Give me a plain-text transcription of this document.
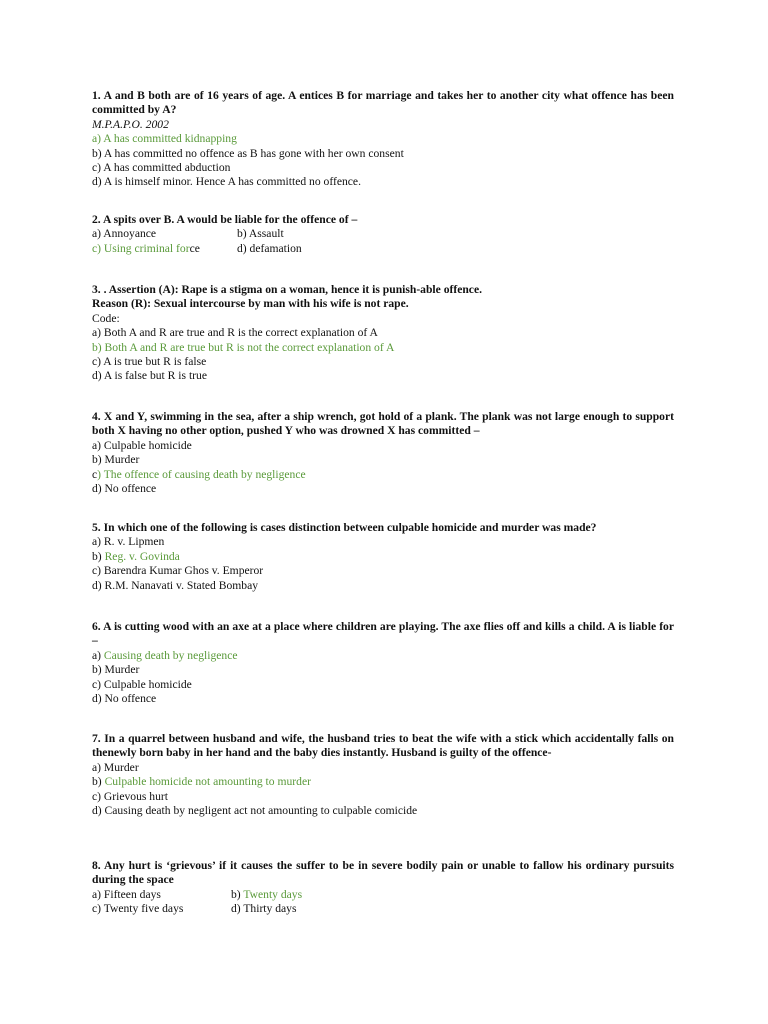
1. A and B both are of 16 years of age. A entices B for marriage and takes her to another city what offence has been committed by A?
M.P.A.P.O. 2002
a) A has committed kidnapping
b) A has committed no offence as B has gone with her own consent
c) A has committed abduction
d) A is himself minor. Hence A has committed no offence.
2. A spits over B. A would be liable for the offence of –
a) Annoyance	b) Assault
c) Using criminal force	d) defamation
3. . Assertion (A): Rape is a stigma on a woman, hence it is punish-able offence.
Reason (R): Sexual intercourse by man with his wife is not rape.
Code:
a) Both A and R are true and R is the correct explanation of A
b) Both A and R are true but R is not the correct explanation of A
c) A is true but R is false
d) A is false but R is true
4. X and Y, swimming in the sea, after a ship wrench, got hold of a plank. The plank was not large enough to support both X having no other option, pushed Y who was drowned X has committed –
a) Culpable homicide
b) Murder
c) The offence of causing death by negligence
d) No offence
5. In which one of the following is cases distinction between culpable homicide and murder was made?
a) R. v. Lipmen
b) Reg. v. Govinda
c) Barendra Kumar Ghos v. Emperor
d) R.M. Nanavati v. Stated Bombay
6. A is cutting wood with an axe at a place where children are playing. The axe flies off and kills a child. A is liable for –
a) Causing death by negligence
b) Murder
c) Culpable homicide
d) No offence
7. In a quarrel between husband and wife, the husband tries to beat the wife with a stick which accidentally falls on thenewly born baby in her hand and the baby dies instantly. Husband is guilty of the offence-
a) Murder
b) Culpable homicide not amounting to murder
c) Grievous hurt
d) Causing death by negligent act not amounting to culpable comicide
8. Any hurt is ‘grievous’ if it causes the suffer to be in severe bodily pain or unable to fallow his ordinary pursuits during the space
a) Fifteen days	b) Twenty days
c) Twenty five days	d) Thirty days
